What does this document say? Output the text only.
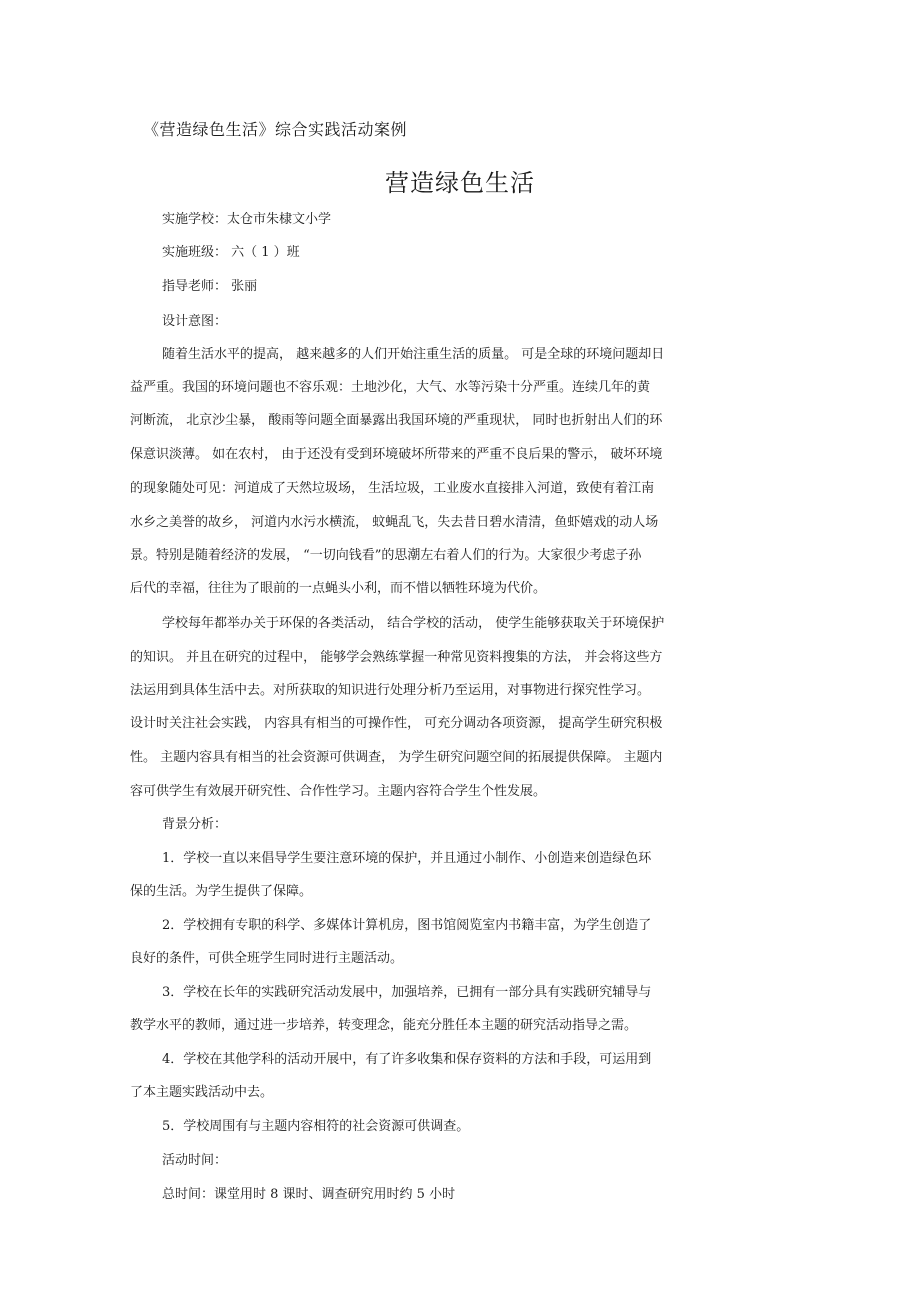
《营造绿色生活》综合实践活动案例
营造绿色生活
实施学校：太仓市朱棣文小学
实施班级： 六（ 1 ）班
指导老师： 张丽
设计意图：
随着生活水平的提高， 越来越多的人们开始注重生活的质量。 可是全球的环境问题却日
益严重。我国的环境问题也不容乐观：土地沙化，大气、水等污染十分严重。连续几年的黄
河断流， 北京沙尘暴， 酸雨等问题全面暴露出我国环境的严重现状， 同时也折射出人们的环
保意识淡薄。 如在农村， 由于还没有受到环境破坏所带来的严重不良后果的警示， 破坏环境
的现象随处可见：河道成了天然垃圾场， 生活垃圾，工业废水直接排入河道，致使有着江南
水乡之美誉的故乡， 河道内水污水横流， 蚊蝇乱飞，失去昔日碧水清清，鱼虾嬉戏的动人场
景。特别是随着经济的发展， “一切向钱看”的思潮左右着人们的行为。大家很少考虑子孙
后代的幸福，往往为了眼前的一点蝇头小利，而不惜以牺牲环境为代价。
学校每年都举办关于环保的各类活动， 结合学校的活动， 使学生能够获取关于环境保护
的知识。 并且在研究的过程中， 能够学会熟练掌握一种常见资料搜集的方法， 并会将这些方
法运用到具体生活中去。对所获取的知识进行处理分析乃至运用，对事物进行探究性学习。
设计时关注社会实践， 内容具有相当的可操作性， 可充分调动各项资源， 提高学生研究积极
性。 主题内容具有相当的社会资源可供调查， 为学生研究问题空间的拓展提供保障。 主题内
容可供学生有效展开研究性、合作性学习。主题内容符合学生个性发展。
背景分析：
1．学校一直以来倡导学生要注意环境的保护，并且通过小制作、小创造来创造绿色环
保的生活。为学生提供了保障。
2．学校拥有专职的科学、多媒体计算机房，图书馆阅览室内书籍丰富，为学生创造了
良好的条件，可供全班学生同时进行主题活动。
3．学校在长年的实践研究活动发展中，加强培养，已拥有一部分具有实践研究辅导与
教学水平的教师，通过进一步培养，转变理念，能充分胜任本主题的研究活动指导之需。
4．学校在其他学科的活动开展中，有了许多收集和保存资料的方法和手段，可运用到
了本主题实践活动中去。
5．学校周围有与主题内容相符的社会资源可供调查。
活动时间：
总时间：课堂用时 8 课时、调查研究用时约 5 小时
